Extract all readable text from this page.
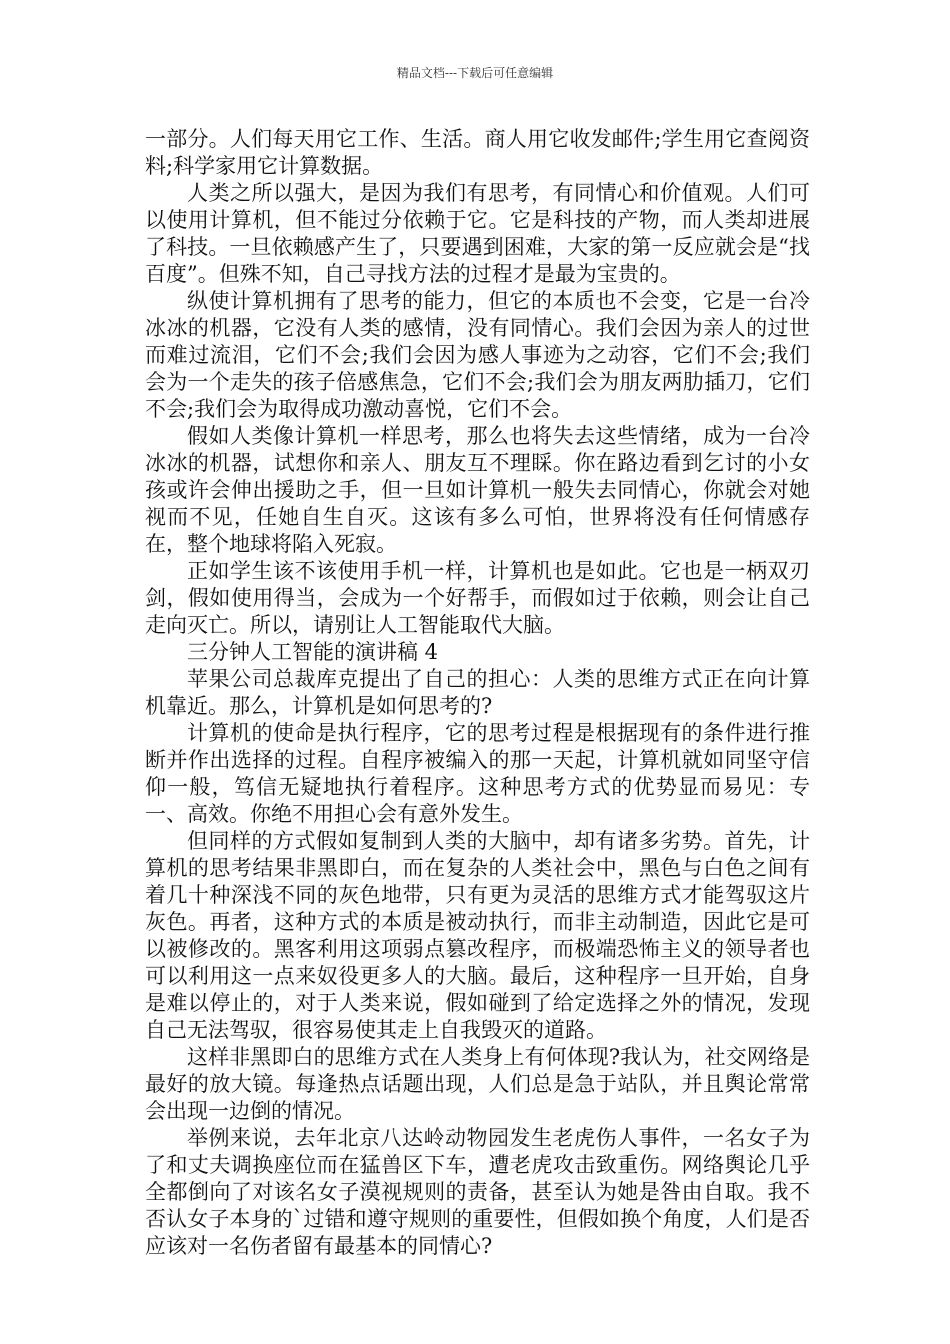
精品文档---下载后可任意编辑

一部分。人们每天用它工作、生活。商人用它收发邮件;学生用它查阅资料;科学家用它计算数据。

人类之所以强大，是因为我们有思考，有同情心和价值观。人们可以使用计算机，但不能过分依赖于它。它是科技的产物，而人类却进展了科技。一旦依赖感产生了，只要遇到困难，大家的第一反应就会是“找百度”。但殊不知，自己寻找方法的过程才是最为宝贵的。

纵使计算机拥有了思考的能力，但它的本质也不会变，它是一台冷冰冰的机器，它没有人类的感情，没有同情心。我们会因为亲人的过世而难过流泪，它们不会;我们会因为感人事迹为之动容，它们不会;我们会为一个走失的孩子倍感焦急，它们不会;我们会为朋友两肋插刀，它们不会;我们会为取得成功激动喜悦，它们不会。

假如人类像计算机一样思考，那么也将失去这些情绪，成为一台冷冰冰的机器，试想你和亲人、朋友互不理睬。你在路边看到乞讨的小女孩或许会伸出援助之手，但一旦如计算机一般失去同情心，你就会对她视而不见，任她自生自灭。这该有多么可怕，世界将没有任何情感存在，整个地球将陷入死寂。

正如学生该不该使用手机一样，计算机也是如此。它也是一柄双刃剑，假如使用得当，会成为一个好帮手，而假如过于依赖，则会让自己走向灭亡。所以，请别让人工智能取代大脑。

三分钟人工智能的演讲稿 4

苹果公司总裁库克提出了自己的担心：人类的思维方式正在向计算机靠近。那么，计算机是如何思考的?

计算机的使命是执行程序，它的思考过程是根据现有的条件进行推断并作出选择的过程。自程序被编入的那一天起，计算机就如同坚守信仰一般，笃信无疑地执行着程序。这种思考方式的优势显而易见：专一、高效。你绝不用担心会有意外发生。

但同样的方式假如复制到人类的大脑中，却有诸多劣势。首先，计算机的思考结果非黑即白，而在复杂的人类社会中，黑色与白色之间有着几十种深浅不同的灰色地带，只有更为灵活的思维方式才能驾驭这片灰色。再者，这种方式的本质是被动执行，而非主动制造，因此它是可以被修改的。黑客利用这项弱点篡改程序，而极端恐怖主义的领导者也可以利用这一点来奴役更多人的大脑。最后，这种程序一旦开始，自身是难以停止的，对于人类来说，假如碰到了给定选择之外的情况，发现自己无法驾驭，很容易使其走上自我毁灭的道路。

这样非黑即白的思维方式在人类身上有何体现?我认为，社交网络是最好的放大镜。每逢热点话题出现，人们总是急于站队，并且舆论常常会出现一边倒的情况。

举例来说，去年北京八达岭动物园发生老虎伤人事件，一名女子为了和丈夫调换座位而在猛兽区下车，遭老虎攻击致重伤。网络舆论几乎全都倒向了对该名女子漠视规则的责备，甚至认为她是咎由自取。我不否认女子本身的`过错和遵守规则的重要性，但假如换个角度，人们是否应该对一名伤者留有最基本的同情心?
